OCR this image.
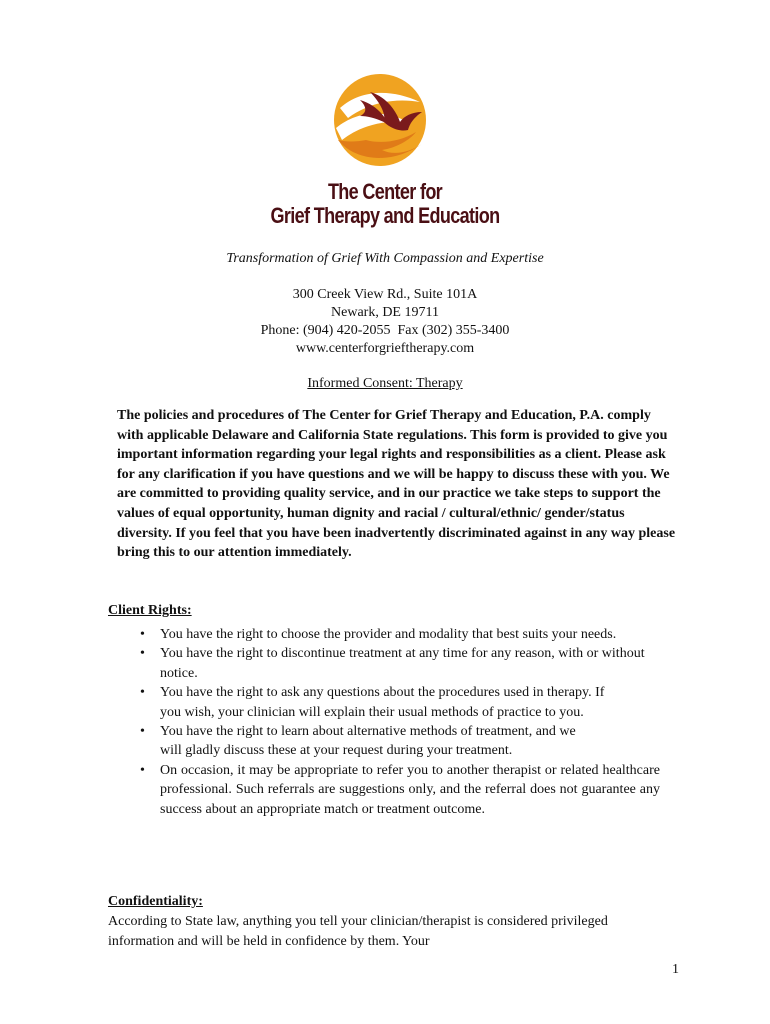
The Center for
Grief Therapy and Education
Transformation of Grief With Compassion and Expertise
300 Creek View Rd., Suite 101A
Newark, DE 19711
Phone: (904) 420-2055  Fax (302) 355-3400
www.centerforgrieftherapy.com
Informed Consent: Therapy

The policies and procedures of The Center for Grief Therapy and Education, P.A. comply with applicable Delaware and California State regulations. This form is provided to give you important information regarding your legal rights and responsibilities as a client. Please ask for any clarification if you have questions and we will be happy to discuss these with you. We are committed to providing quality service, and in our practice we take steps to support the values of equal opportunity, human dignity and racial / cultural/ethnic/ gender/status diversity. If you feel that you have been inadvertently discriminated against in any way please bring this to our attention immediately.

Client Rights:
• You have the right to choose the provider and modality that best suits your needs.
• You have the right to discontinue treatment at any time for any reason, with or without notice.
• You have the right to ask any questions about the procedures used in therapy. If you wish, your clinician will explain their usual methods of practice to you.
• You have the right to learn about alternative methods of treatment, and we will gladly discuss these at your request during your treatment.
• On occasion, it may be appropriate to refer you to another therapist or related healthcare professional. Such referrals are suggestions only, and the referral does not guarantee any success about an appropriate match or treatment outcome.
Confidentiality:
According to State law, anything you tell your clinician/therapist is considered privileged information and will be held in confidence by them. Your
1
